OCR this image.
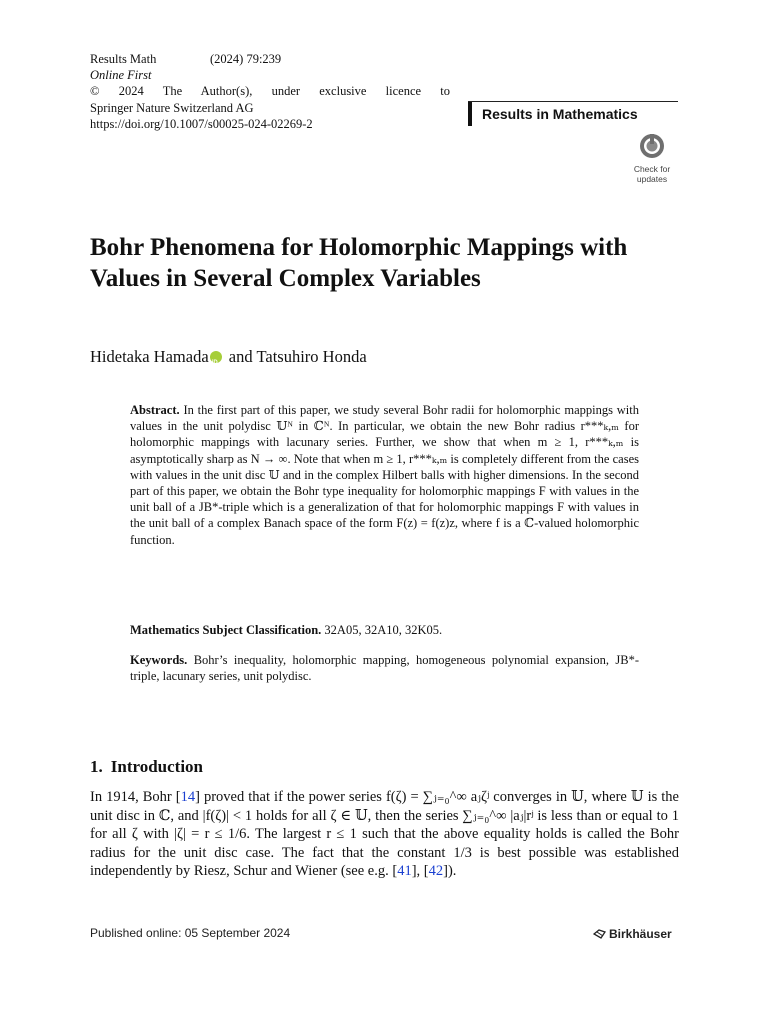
Results Math	(2024) 79:239
Online First
© 2024 The Author(s), under exclusive licence to
Springer Nature Switzerland AG
https://doi.org/10.1007/s00025-024-02269-2
Results in Mathematics
Check for
updates
Bohr Phenomena for Holomorphic Mappings with Values in Several Complex Variables
Hidetaka HamadaiD and Tatsuhiro Honda

Abstract. In the first part of this paper, we study several Bohr radii for holomorphic mappings with values in the unit polydisc 𝕌ᴺ in ℂᴺ. In particular, we obtain the new Bohr radius r***ₖ,ₘ for holomorphic mappings with lacunary series. Further, we show that when m ≥ 1, r***ₖ,ₘ is asymptotically sharp as N → ∞. Note that when m ≥ 1, r***ₖ,ₘ is completely different from the cases with values in the unit disc 𝕌 and in the complex Hilbert balls with higher dimensions. In the second part of this paper, we obtain the Bohr type inequality for holomorphic mappings F with values in the unit ball of a JB*-triple which is a generalization of that for holomorphic mappings F with values in the unit ball of a complex Banach space of the form F(z) = f(z)z, where f is a ℂ-valued holomorphic function.

Mathematics Subject Classification. 32A05, 32A10, 32K05.

Keywords. Bohr’s inequality, holomorphic mapping, homogeneous polynomial expansion, JB*-triple, lacunary series, unit polydisc.

1. Introduction

In 1914, Bohr [14] proved that if the power series f(ζ) = ∑ⱼ₌₀^∞ aⱼζʲ converges in 𝕌, where 𝕌 is the unit disc in ℂ, and |f(ζ)| < 1 holds for all ζ ∈ 𝕌, then the series ∑ⱼ₌₀^∞ |aⱼ|rʲ is less than or equal to 1 for all ζ with |ζ| = r ≤ 1/6. The largest r ≤ 1 such that the above equality holds is called the Bohr radius for the unit disc case. The fact that the constant 1/3 is best possible was established independently by Riesz, Schur and Wiener (see e.g. [41], [42]).

Published online: 05 September 2024	Birkhäuser
